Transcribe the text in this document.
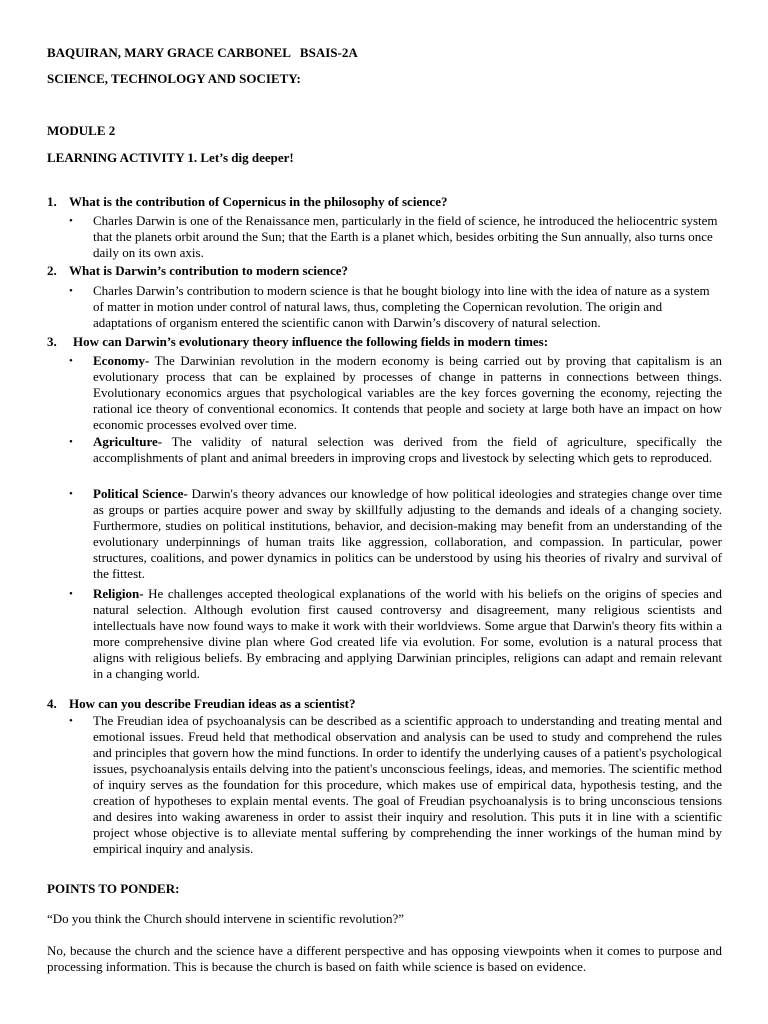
BAQUIRAN, MARY GRACE CARBONEL   BSAIS-2A
SCIENCE, TECHNOLOGY AND SOCIETY:
MODULE 2
LEARNING ACTIVITY 1. Let’s dig deeper!
1. What is the contribution of Copernicus in the philosophy of science?
•	Charles Darwin is one of the Renaissance men, particularly in the field of science, he introduced the heliocentric system that the planets orbit around the Sun; that the Earth is a planet which, besides orbiting the Sun annually, also turns once daily on its own axis.
2. What is Darwin’s contribution to modern science?
•	Charles Darwin’s contribution to modern science is that he bought biology into line with the idea of nature as a system of matter in motion under control of natural laws, thus, completing the Copernican revolution. The origin and adaptations of organism entered the scientific canon with Darwin’s discovery of natural selection.
3. How can Darwin’s evolutionary theory influence the following fields in modern times:
•	Economy- The Darwinian revolution in the modern economy is being carried out by proving that capitalism is an evolutionary process that can be explained by processes of change in patterns in connections between things. Evolutionary economics argues that psychological variables are the key forces governing the economy, rejecting the rational ice theory of conventional economics. It contends that people and society at large both have an impact on how economic processes evolved over time.
•	Agriculture- The validity of natural selection was derived from the field of agriculture, specifically the accomplishments of plant and animal breeders in improving crops and livestock by selecting which gets to reproduced.
•	Political Science- Darwin's theory advances our knowledge of how political ideologies and strategies change over time as groups or parties acquire power and sway by skillfully adjusting to the demands and ideals of a changing society. Furthermore, studies on political institutions, behavior, and decision-making may benefit from an understanding of the evolutionary underpinnings of human traits like aggression, collaboration, and compassion. In particular, power structures, coalitions, and power dynamics in politics can be understood by using his theories of rivalry and survival of the fittest.
•	Religion- He challenges accepted theological explanations of the world with his beliefs on the origins of species and natural selection. Although evolution first caused controversy and disagreement, many religious scientists and intellectuals have now found ways to make it work with their worldviews. Some argue that Darwin's theory fits within a more comprehensive divine plan where God created life via evolution. For some, evolution is a natural process that aligns with religious beliefs. By embracing and applying Darwinian principles, religions can adapt and remain relevant in a changing world.
4. How can you describe Freudian ideas as a scientist?
•	The Freudian idea of psychoanalysis can be described as a scientific approach to understanding and treating mental and emotional issues. Freud held that methodical observation and analysis can be used to study and comprehend the rules and principles that govern how the mind functions. In order to identify the underlying causes of a patient's psychological issues, psychoanalysis entails delving into the patient's unconscious feelings, ideas, and memories. The scientific method of inquiry serves as the foundation for this procedure, which makes use of empirical data, hypothesis testing, and the creation of hypotheses to explain mental events. The goal of Freudian psychoanalysis is to bring unconscious tensions and desires into waking awareness in order to assist their inquiry and resolution. This puts it in line with a scientific project whose objective is to alleviate mental suffering by comprehending the inner workings of the human mind by empirical inquiry and analysis.
POINTS TO PONDER:
“Do you think the Church should intervene in scientific revolution?”
No, because the church and the science have a different perspective and has opposing viewpoints when it comes to purpose and processing information. This is because the church is based on faith while science is based on evidence.
